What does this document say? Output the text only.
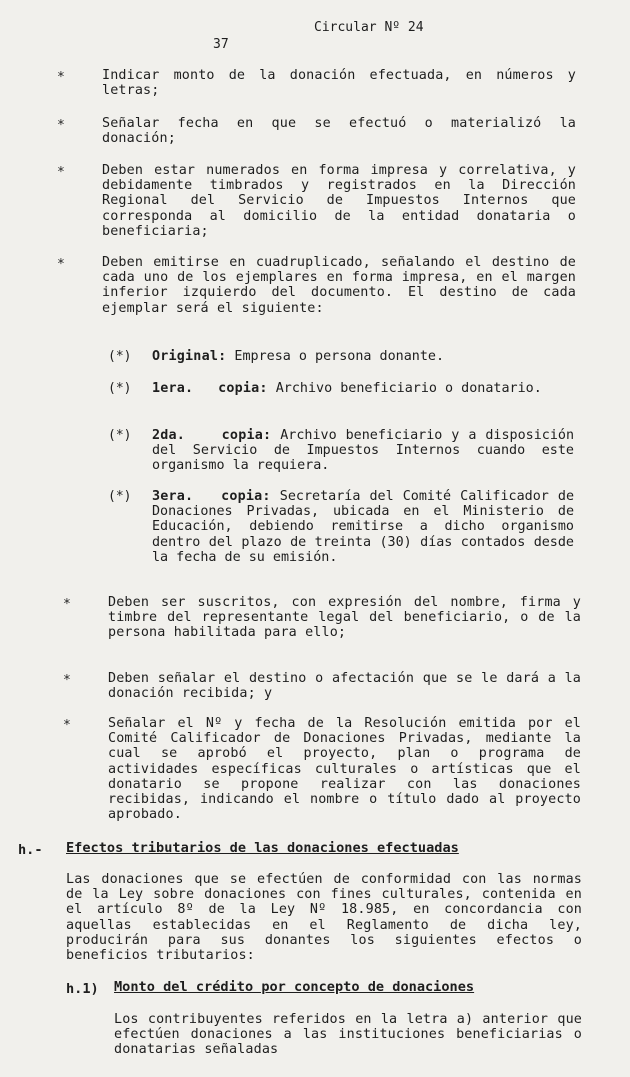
Circular Nº 24
37
*	Indicar monto de la donación efectuada, en números y letras;
*	Señalar fecha en que se efectuó o materializó la donación;
*	Deben estar numerados en forma impresa y correlativa, y debidamente timbrados y registrados en la Dirección Regional del Servicio de Impuestos Internos que corresponda al domicilio de la entidad donataria o beneficiaria;
*	Deben emitirse en cuadruplicado, señalando el destino de cada uno de los ejemplares en forma impresa, en el margen inferior izquierdo del documento. El destino de cada ejemplar será el siguiente:
(*) Original: Empresa o persona donante.
(*) 1era.   copia: Archivo beneficiario o donatario.
(*) 2da.    copia: Archivo beneficiario y a disposición del Servicio de Impuestos Internos cuando este organismo la requiera.
(*) 3era.   copia: Secretaría del Comité Calificador de Donaciones Privadas, ubicada en el Ministerio de Educación, debiendo remitirse a dicho organismo dentro del plazo de treinta (30) días contados desde la fecha de su emisión.
*	Deben ser suscritos, con expresión del nombre, firma y timbre del representante legal del beneficiario, o de la persona habilitada para ello;
*	Deben señalar el destino o afectación que se le dará a la donación recibida; y
*	Señalar el Nº y fecha de la Resolución emitida por el Comité Calificador de Donaciones Privadas, mediante la cual se aprobó el proyecto, plan o programa de actividades específicas culturales o artísticas que el donatario se propone realizar con las donaciones recibidas, indicando el nombre o título dado al proyecto aprobado.
h.- Efectos tributarios de las donaciones efectuadas
Las donaciones que se efectúen de conformidad con las normas de la Ley sobre donaciones con fines culturales, contenida en el artículo 8º de la Ley Nº 18.985, en concordancia con aquellas establecidas en el Reglamento de dicha ley, producirán para sus donantes los siguientes efectos o beneficios tributarios:
h.1) Monto del crédito por concepto de donaciones
Los contribuyentes referidos en la letra a) anterior que efectúen donaciones a las instituciones beneficiarias o donatarias señaladas
